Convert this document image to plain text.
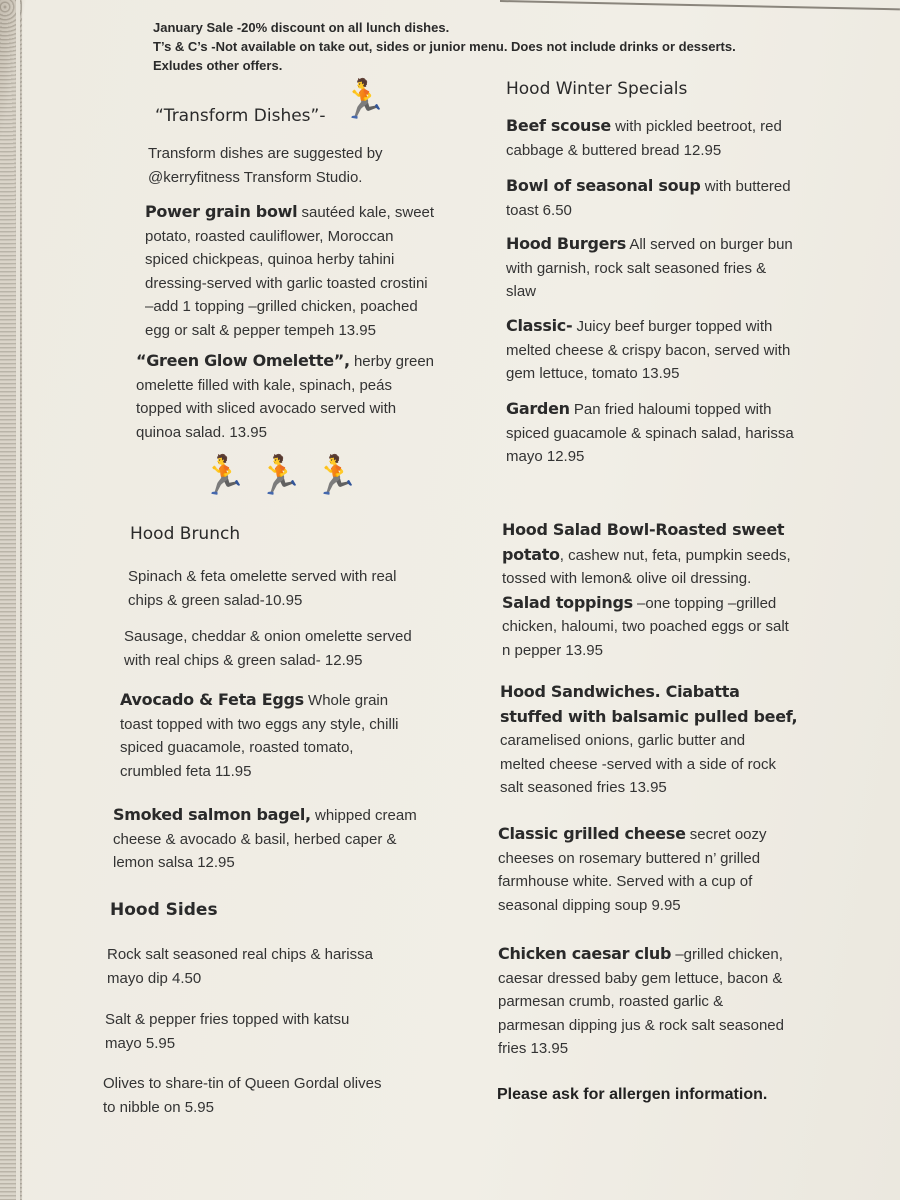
January Sale -20% discount on all lunch dishes.
T’s & C’s -Not available on take out, sides or junior menu. Does not include drinks or desserts.
Exludes other offers.
“Transform Dishes”- 🏃
Transform dishes are suggested by
@kerryfitness Transform Studio.
🏃 🏃 🏃
Hood Brunch
Hood Sides
Hood Winter Specials
Please ask for allergen information.
Power grain bowl sautéed kale, sweet
potato, roasted cauliflower, Moroccan
spiced chickpeas, quinoa herby tahini
dressing-served with garlic toasted crostini
–add 1 topping –grilled chicken, poached
egg or salt & pepper tempeh 13.95
“Green Glow Omelette”, herby green
omelette filled with kale, spinach, peás
topped with sliced avocado served with
quinoa salad. 13.95
Spinach & feta omelette served with real
chips & green salad-10.95
Sausage, cheddar & onion omelette served
with real chips & green salad- 12.95
Avocado & Feta Eggs Whole grain
toast topped with two eggs any style, chilli
spiced guacamole, roasted tomato,
crumbled feta 11.95
Smoked salmon bagel, whipped cream
cheese & avocado & basil, herbed caper &
lemon salsa 12.95
Rock salt seasoned real chips & harissa
mayo dip 4.50
Salt & pepper fries topped with katsu
mayo 5.95
Olives to share-tin of Queen Gordal olives
to nibble on 5.95
Beef scouse with pickled beetroot, red
cabbage & buttered bread 12.95
Bowl of seasonal soup with buttered
toast 6.50
Hood Burgers All served on burger bun
with garnish, rock salt seasoned fries &
slaw
Classic- Juicy beef burger topped with
melted cheese & crispy bacon, served with
gem lettuce, tomato 13.95
Garden Pan fried haloumi topped with
spiced guacamole & spinach salad, harissa
mayo 12.95
Hood Salad Bowl-Roasted sweet
potato, cashew nut, feta, pumpkin seeds,
tossed with lemon& olive oil dressing.
Salad toppings –one topping –grilled
chicken, haloumi, two poached eggs or salt
n pepper 13.95
Hood Sandwiches. Ciabatta
stuffed with balsamic pulled beef,
caramelised onions, garlic butter and
melted cheese -served with a side of rock
salt seasoned fries 13.95
Classic grilled cheese secret oozy
cheeses on rosemary buttered n’ grilled
farmhouse white. Served with a cup of
seasonal dipping soup 9.95
Chicken caesar club –grilled chicken,
caesar dressed baby gem lettuce, bacon &
parmesan crumb, roasted garlic &
parmesan dipping jus & rock salt seasoned
fries 13.95
